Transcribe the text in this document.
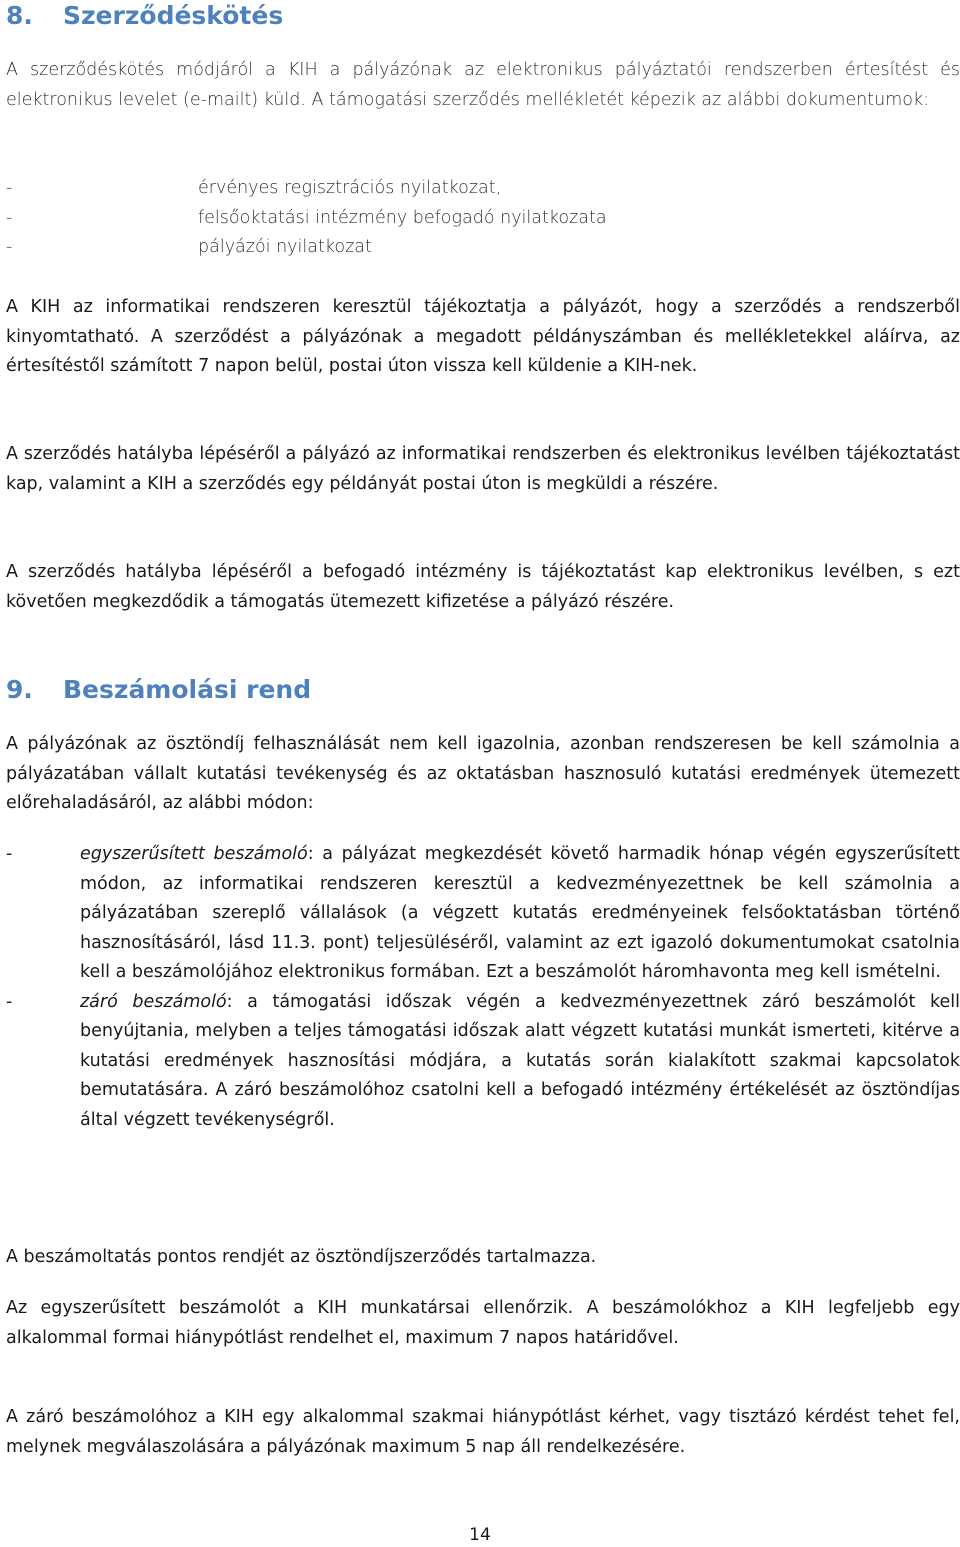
8. Szerződéskötés

A szerződéskötés módjáról a KIH a pályázónak az elektronikus pályáztatói rendszerben értesítést és elektronikus levelet (e-mailt) küld. A támogatási szerződés mellékletét képezik az alábbi dokumentumok:

-	érvényes regisztrációs nyilatkozat,
-	felsőoktatási intézmény befogadó nyilatkozata
-	pályázói nyilatkozat

A KIH az informatikai rendszeren keresztül tájékoztatja a pályázót, hogy a szerződés a rendszerből kinyomtatható. A szerződést a pályázónak a megadott példányszámban és mellékletekkel aláírva, az értesítéstől számított 7 napon belül, postai úton vissza kell küldenie a KIH-nek.

A szerződés hatályba lépéséről a pályázó az informatikai rendszerben és elektronikus levélben tájékoztatást kap, valamint a KIH a szerződés egy példányát postai úton is megküldi a részére.

A szerződés hatályba lépéséről a befogadó intézmény is tájékoztatást kap elektronikus levélben, s ezt követően megkezdődik a támogatás ütemezett kifizetése a pályázó részére.

9. Beszámolási rend

A pályázónak az ösztöndíj felhasználását nem kell igazolnia, azonban rendszeresen be kell számolnia a pályázatában vállalt kutatási tevékenység és az oktatásban hasznosuló kutatási eredmények ütemezett előrehaladásáról, az alábbi módon:

-	egyszerűsített beszámoló: a pályázat megkezdését követő harmadik hónap végén egyszerűsített módon, az informatikai rendszeren keresztül a kedvezményezettnek be kell számolnia a pályázatában szereplő vállalások (a végzett kutatás eredményeinek felsőoktatásban történő hasznosításáról, lásd 11.3. pont) teljesüléséről, valamint az ezt igazoló dokumentumokat csatolnia kell a beszámolójához elektronikus formában. Ezt a beszámolót háromhavonta meg kell ismételni.
-	záró beszámoló: a támogatási időszak végén a kedvezményezettnek záró beszámolót kell benyújtania, melyben a teljes támogatási időszak alatt végzett kutatási munkát ismerteti, kitérve a kutatási eredmények hasznosítási módjára, a kutatás során kialakított szakmai kapcsolatok bemutatására. A záró beszámolóhoz csatolni kell a befogadó intézmény értékelését az ösztöndíjas által végzett tevékenységről.

A beszámoltatás pontos rendjét az ösztöndíjszerződés tartalmazza.

Az egyszerűsített beszámolót a KIH munkatársai ellenőrzik. A beszámolókhoz a KIH legfeljebb egy alkalommal formai hiánypótlást rendelhet el, maximum 7 napos határidővel.

A záró beszámolóhoz a KIH egy alkalommal szakmai hiánypótlást kérhet, vagy tisztázó kérdést tehet fel, melynek megválaszolására a pályázónak maximum 5 nap áll rendelkezésére.

14
